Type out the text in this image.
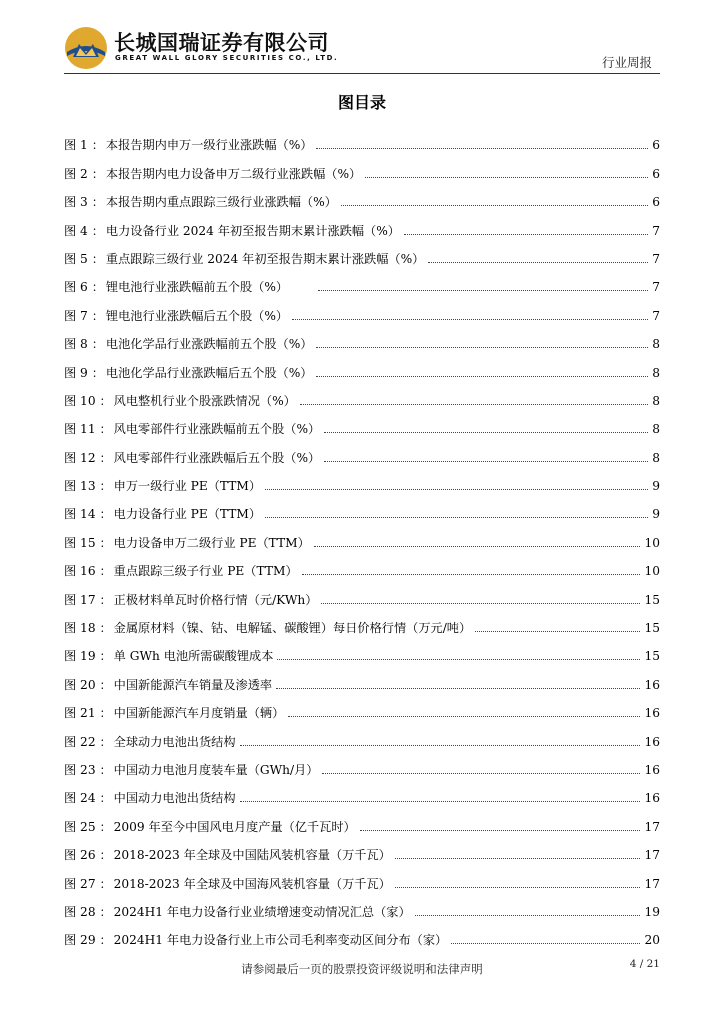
长城国瑞证券有限公司
GREAT WALL GLORY SECURITIES CO., LTD.	行业周报
图目录
图 1 ： 本报告期内申万一级行业涨跌幅（%）	6
图 2 ： 本报告期内电力设备申万二级行业涨跌幅（%）	6
图 3 ： 本报告期内重点跟踪三级行业涨跌幅（%）	6
图 4 ： 电力设备行业 2024 年初至报告期末累计涨跌幅（%）	7
图 5 ： 重点跟踪三级行业 2024 年初至报告期末累计涨跌幅（%）	7
图 6 ： 锂电池行业涨跌幅前五个股（%）	7
图 7 ： 锂电池行业涨跌幅后五个股（%）	7
图 8 ： 电池化学品行业涨跌幅前五个股（%）	8
图 9 ： 电池化学品行业涨跌幅后五个股（%）	8
图 10 ： 风电整机行业个股涨跌情况（%）	8
图 11 ： 风电零部件行业涨跌幅前五个股（%）	8
图 12 ： 风电零部件行业涨跌幅后五个股（%）	8
图 13 ： 申万一级行业 PE（TTM）	9
图 14 ： 电力设备行业 PE（TTM）	9
图 15 ： 电力设备申万二级行业 PE（TTM）	10
图 16 ： 重点跟踪三级子行业 PE（TTM）	10
图 17 ： 正极材料单瓦时价格行情（元/KWh）	15
图 18 ： 金属原材料（镍、钴、电解锰、碳酸锂）每日价格行情（万元/吨）	15
图 19 ： 单 GWh 电池所需碳酸锂成本	15
图 20 ： 中国新能源汽车销量及渗透率	16
图 21 ： 中国新能源汽车月度销量（辆）	16
图 22 ： 全球动力电池出货结构	16
图 23 ： 中国动力电池月度装车量（GWh/月）	16
图 24 ： 中国动力电池出货结构	16
图 25 ： 2009 年至今中国风电月度产量（亿千瓦时）	17
图 26 ： 2018-2023 年全球及中国陆风装机容量（万千瓦）	17
图 27 ： 2018-2023 年全球及中国海风装机容量（万千瓦）	17
图 28 ： 2024H1 年电力设备行业业绩增速变动情况汇总（家）	19
图 29 ： 2024H1 年电力设备行业上市公司毛利率变动区间分布（家）	20
请参阅最后一页的股票投资评级说明和法律声明	4 / 21
